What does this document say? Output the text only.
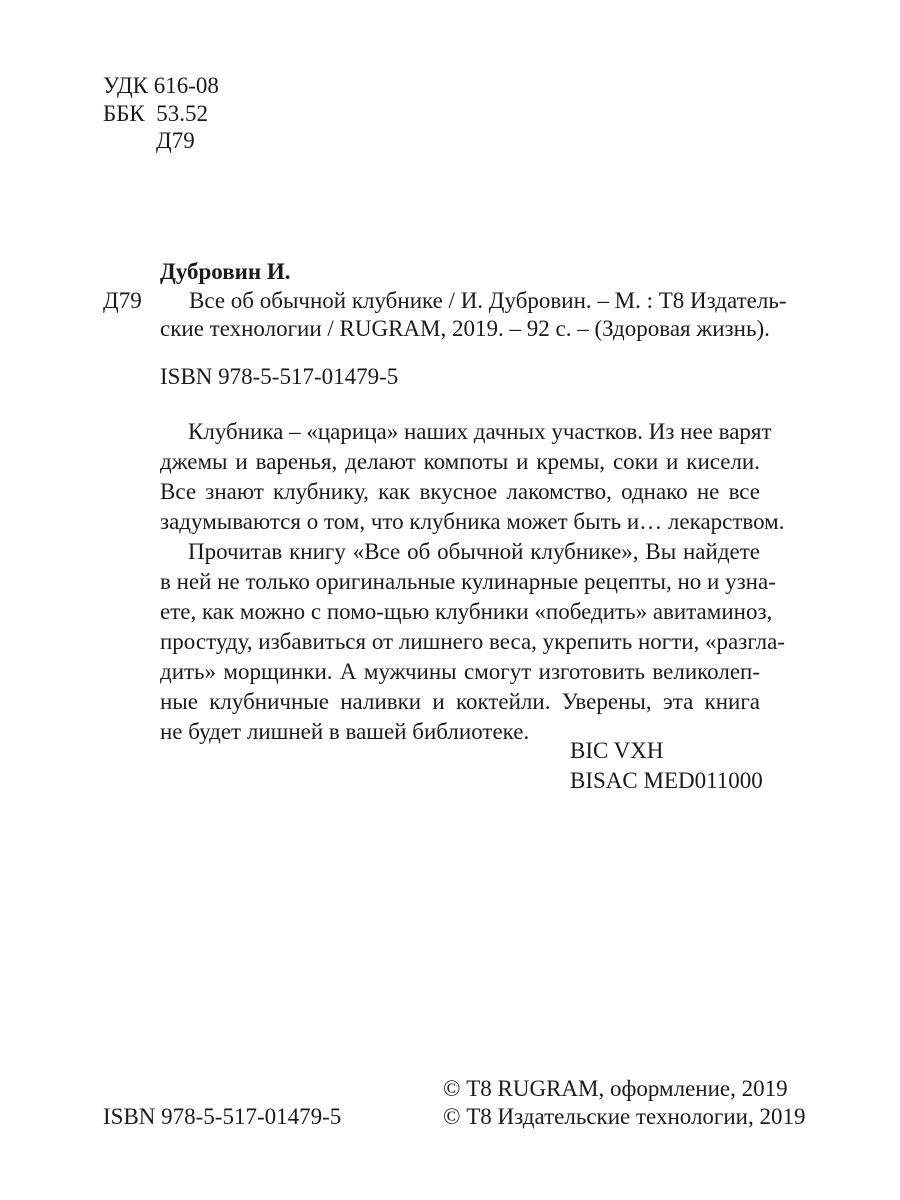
УДК 616-08
ББК  53.52
Д79
Дубровин И.
Д79 Все об обычной клубнике / И. Дубровин. – М. : Т8 Издатель-
ские технологии / RUGRAM, 2019. – 92 с. – (Здоровая жизнь).
ISBN 978-5-517-01479-5
Клубника – «царица» наших дачных участков. Из нее варят
джемы и варенья, делают компоты и кремы, соки и кисели.
Все знают клубнику, как вкусное лакомство, однако не все
задумываются о том, что клубника может быть и… лекарством.
Прочитав книгу «Все об обычной клубнике», Вы найдете
в ней не только оригинальные кулинарные рецепты, но и узна-
ете, как можно с помо-щью клубники «победить» авитаминоз,
простуду, избавиться от лишнего веса, укрепить ногти, «разгла-
дить» морщинки. А мужчины смогут изготовить великолеп-
ные клубничные наливки и коктейли. Уверены, эта книга
не будет лишней в вашей библиотеке.
BIC VXH
BISAC MED011000
ISBN 978-5-517-01479-5
© Т8 RUGRAM, оформление, 2019
© Т8 Издательские технологии, 2019
